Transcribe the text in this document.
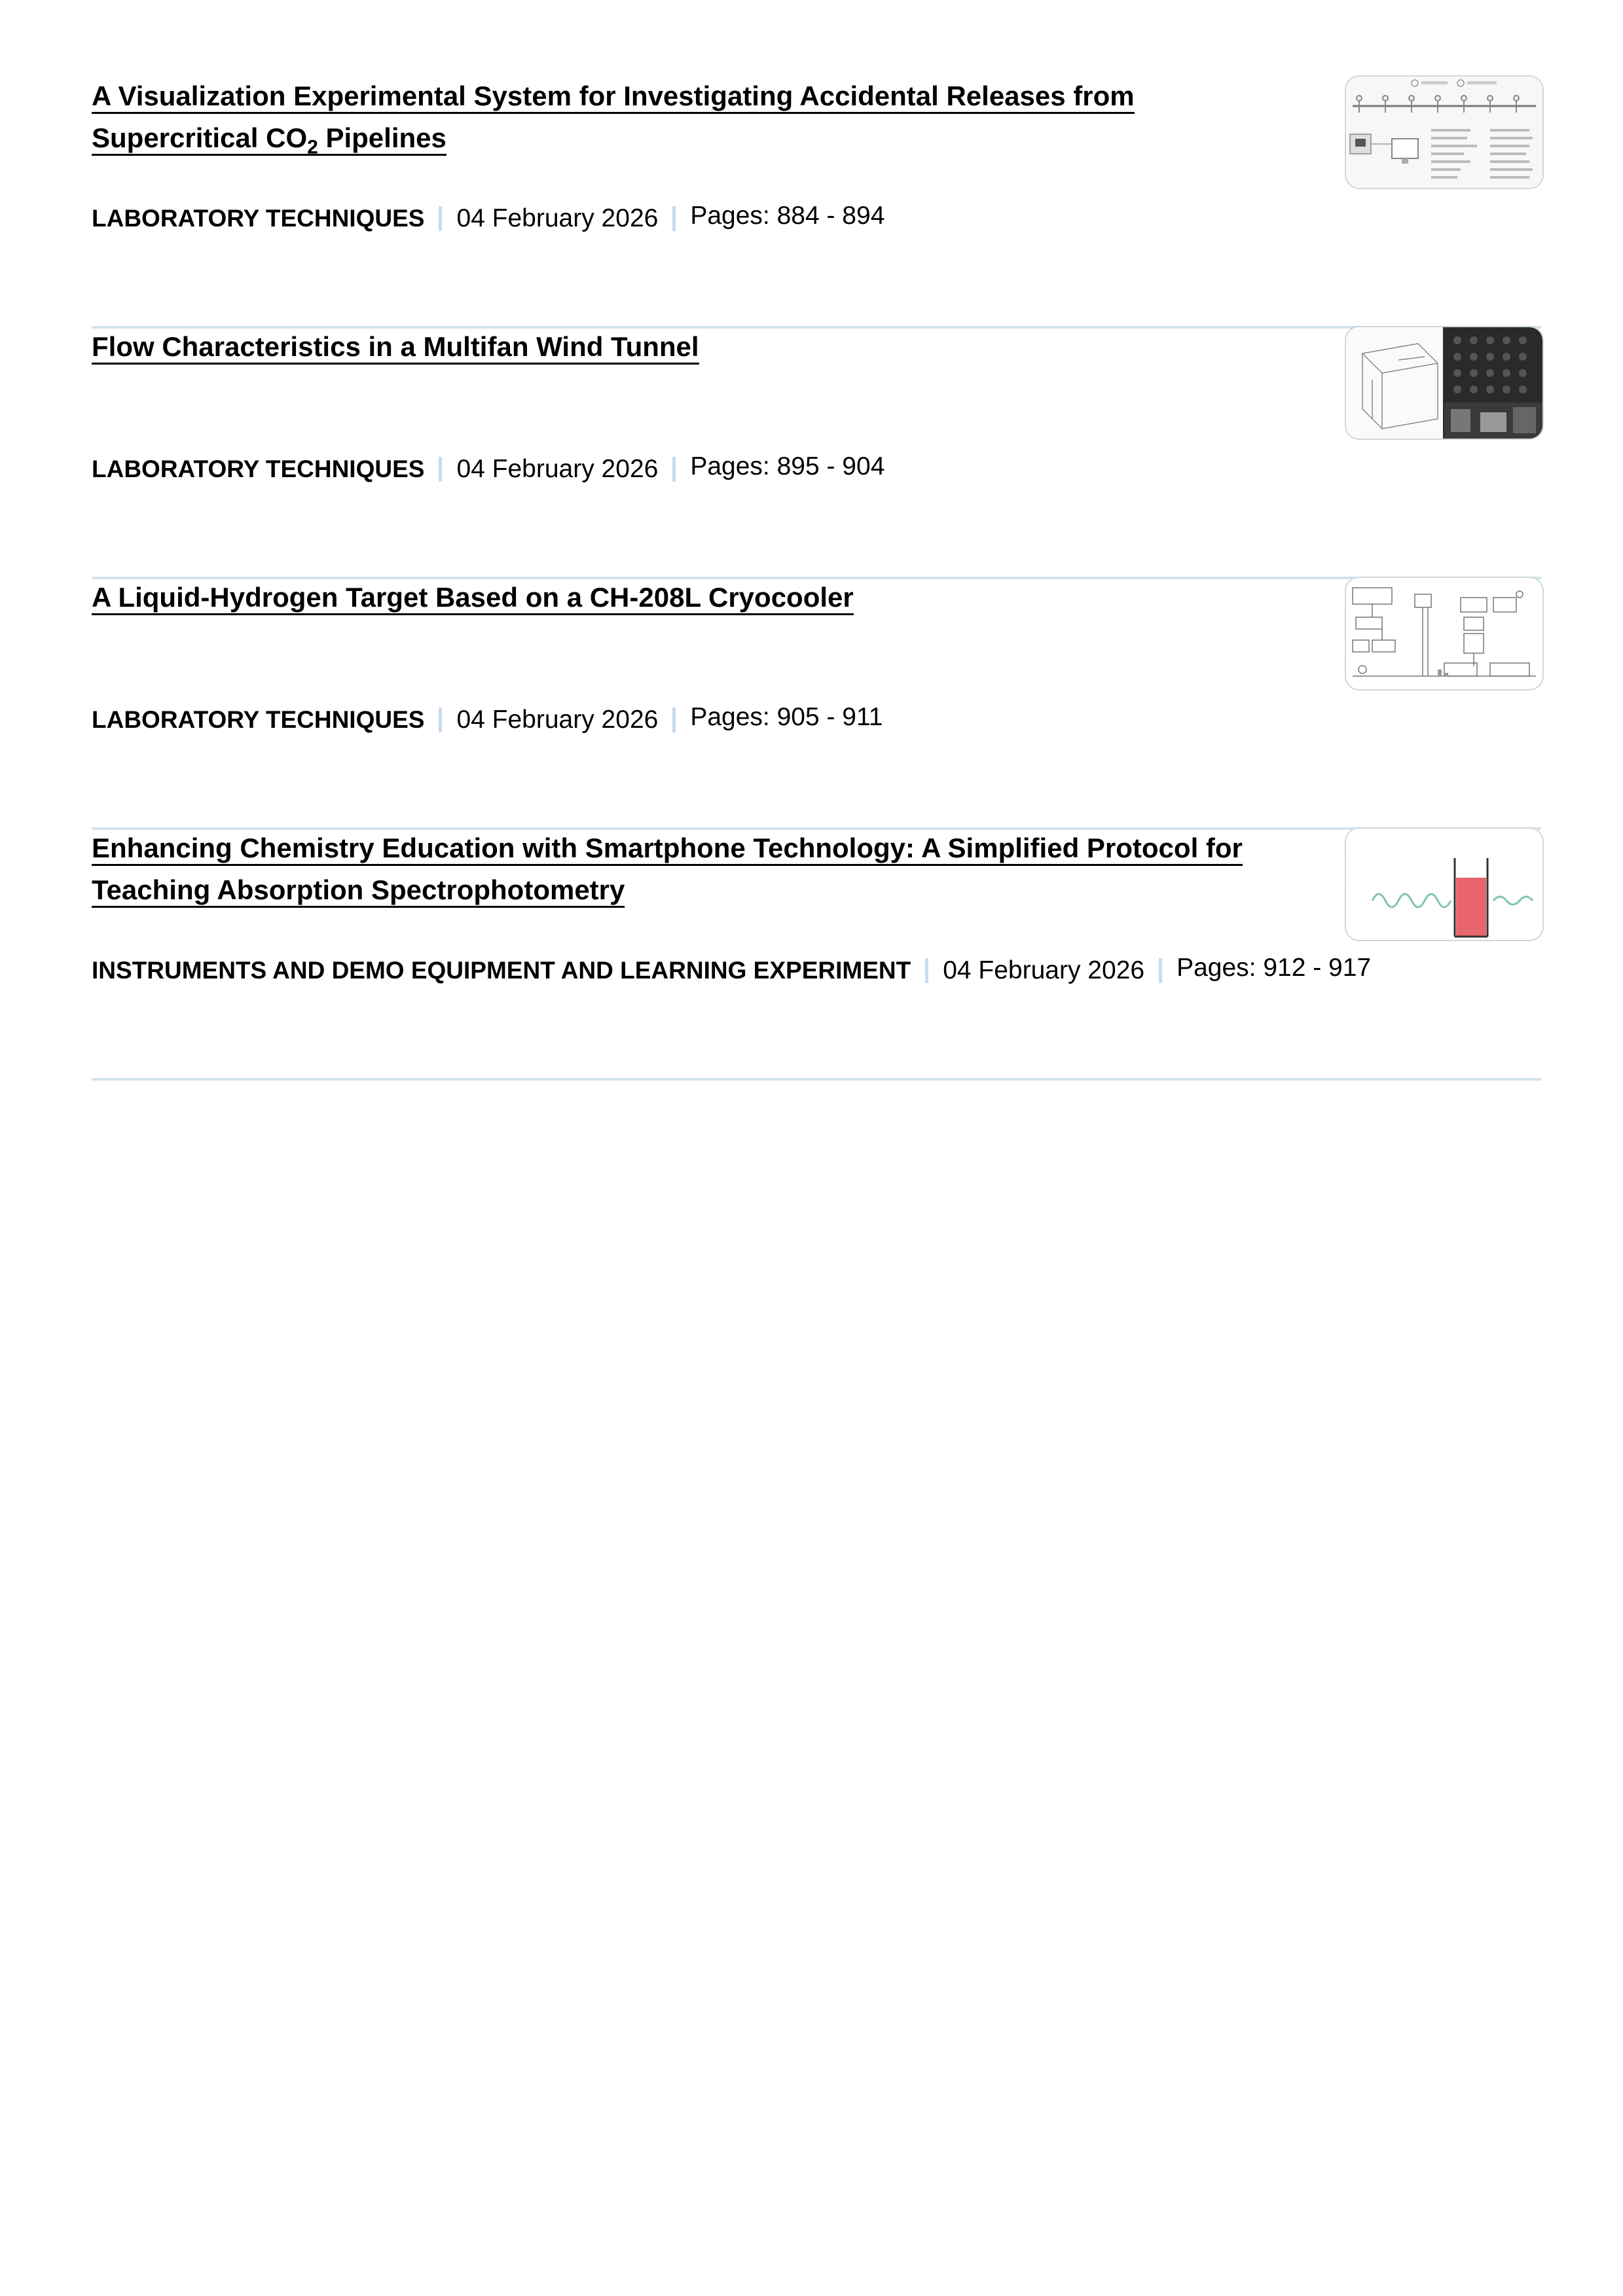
A Visualization Experimental System for Investigating Accidental Releases from Supercritical $CO_2$ Pipelines
LABORATORY TECHNIQUES 04 February 2026 Pages: 884 - 894
Flow Characteristics in a Multifan Wind Tunnel
LABORATORY TECHNIQUES 04 February 2026 Pages: 895 - 904
A Liquid-Hydrogen Target Based on a CH-208L Cryocooler
LABORATORY TECHNIQUES 04 February 2026 Pages: 905 - 911
Enhancing Chemistry Education with Smartphone Technology: A Simplified Protocol for Teaching Absorption Spectrophotometry
INSTRUMENTS AND DEMO EQUIPMENT AND LEARNING EXPERIMENT 04 February 2026 Pages: 912 - 917
